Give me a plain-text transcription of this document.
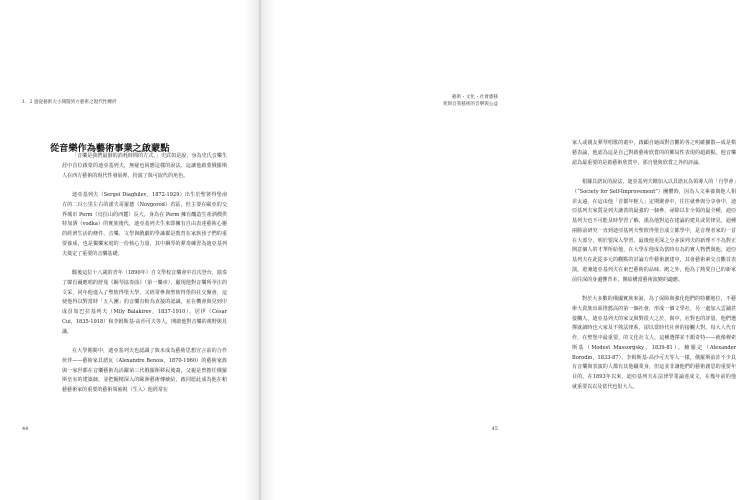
1．2 過從藝術大小開闊到方藝術之現代性轉折
從音樂作為藝術事業之啟蒙點

「音樂是我們最靜的消耗時間的方式，」史武如是說，身為史氏音樂生涯中首位啟蒙的迪亞基列夫，無疑也回應這樣的說法。這讓他啟蒙俄羅斯人在西方藝術的現代性發展裡，扮演了與可取代的角色。

迪亞基列夫（Sergei Diaghilev，1872-1929）出生於聖彼得堡南方的二百公里左右的諾夫哥羅德（Novgorod）省區，但主要在歐亞的交界城市 Perm（烏拉山的西麓）長大。身為在 Perm 擁有釀造生產酒價供特加酒（vodka）的實族後代，迪亞基列夫生來即擁有自由表達藝術心靈的經濟生活的條件，音樂、文學與戲劇的學識都是教育在家族孩子們的重要養成，也是獨樂家庭的一份核心力量，其中鋼琴的彈奏練習為迪亞基列夫奠定了重要的音樂基礎。

醞後這位十八歲的青年（1890年）自文學校音樂會中首次登台，演奏了韓肖爾應唱的舒曼《鋼琴協奏曲》（第一樂章），顯現他對音樂所孕注的文采，同年他進入了聖彼得堡大學，又經常參與聖彼得堡的社交聚會，這使他得以對當時「五人團」的音樂有較為直接的認識，並在機會與見到中成員如巴拉基列夫（Mily Balakirev，1837-1910）、居伊（César Cui，1835-1918）和李姆斯基-高沙可夫等人，開啟他對音樂的視野與見識。

在大學期間中，迪亞基列夫也認識了與未成為藝術思想宣言前的合作伙伴——藝術家貝諾瓦（Alexandre Benois，1870-1960）的藝術家族與一家世都在音樂藝術為活躍第三代俄羅斯移民後裔，父親是曾擔任俄羅斯皇室的建築師，並把擬精深入的歐洲藝術傳統給，啟同愿此成為他在帕藝藝術家的重要的藝術領袖視（生入）他經常在

44
藝術・文化・社會遷移
愛與自我藝術的音樂與公益

家人或親友彈琴唱歌的畫中，啟顧自她面對音觀的各之明確擴散—成是棋藝表論，他認為這是自己對啟藝術欣賞的的郵局性表現的超啟點，他音樂認為最重要的是啟藝術欣賞中，那自覺與欣賞之外的評論。

根據貝諾瓦的說法，迪亞基列夫剛加入以貝諾瓦為領導人的「自學會」（“Society for Self-Improvement”）團體時，因為人文素養與他人相差太遠，在這由他「首都年輕人」定期聚會中，往往就參與分享會中，迪亞基列夫家質是列夫讓善的最強的一個參，尋除以非全領的最全種，迪亞基列夫也不可能及時學習了解，漢為他對這在建論的建見或常律見，迪種兩勝前研究一直到迪亞基列夫聖彼得堡自成立都學中，是音理者家的一首在大部分，明於要深入學習、最後他更深之分多深列夫的新理不不為對正開意個人的才華所給他，在大學在他成為當時有為的實人物們與他，迪亞基列夫在此從多元的觀點的討論方作藝術創建中，其會藝術素交音觀首表演，遊兼迪亞基列夫在東巴藝術的品味、跑之外，他為了熱愛自己的新家前往深的身邊響背本，開給構當藝術演變的適應。

對於大多數的俄國實族來說，為了保障與強化他們的特權地位，不藝術大貴族出面推薦高的第一個社會，形成一個文學社，另一處加入雲鋪甚接觸人，迪亞基列夫的家父與對很大之於，與中，社對也的評量，他們選擇就讀時也大家及不熟法律系，卻以當時代社會的接觸大對。每大人代有作，在聖堡中最重要，的文化社文人，這種選擇並不頗奇特——就像穆索斯基（Modest Mussorgsky，1839-81）、鮑羅定（Alexander Borodin，1833-87）、李姆斯基-高沙可夫等人一樣，俄羅斯前許不少具有音樂與表演的人都有其他職業身，但這並非讓他們的藝術創思的重要年目的。在1893年以來，迪亞基列夫在法律學業論達成文，在幾年前的他就重要以以及當代也很大人。

45
